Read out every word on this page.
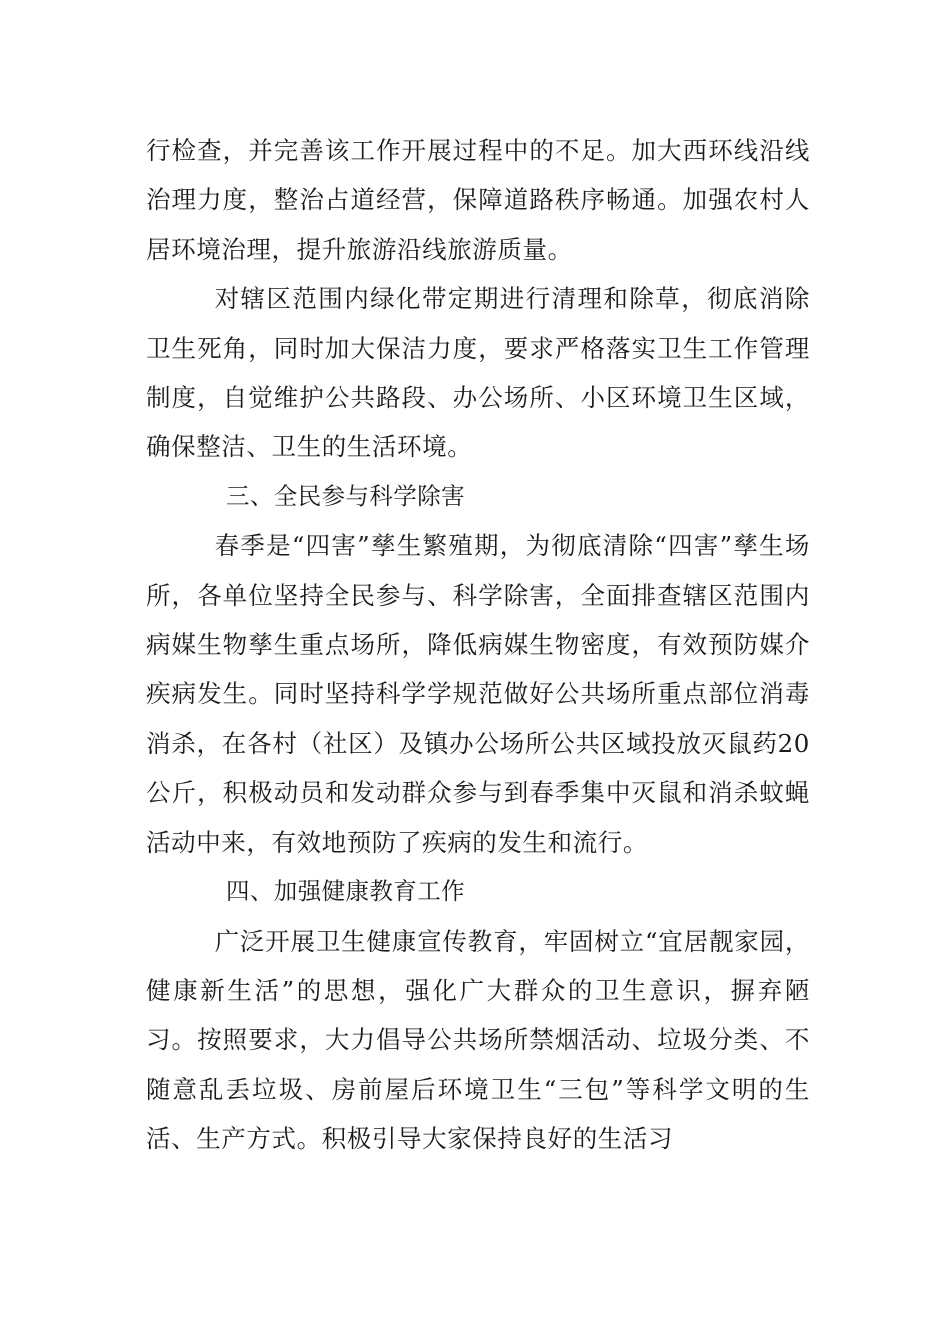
行检查，并完善该工作开展过程中的不足。加大西环线沿线治理力度，整治占道经营，保障道路秩序畅通。加强农村人居环境治理，提升旅游沿线旅游质量。

对辖区范围内绿化带定期进行清理和除草，彻底消除卫生死角，同时加大保洁力度，要求严格落实卫生工作管理制度，自觉维护公共路段、办公场所、小区环境卫生区域，确保整洁、卫生的生活环境。

三、全民参与科学除害

春季是“四害”孳生繁殖期，为彻底清除“四害”孳生场所，各单位坚持全民参与、科学除害，全面排查辖区范围内病媒生物孳生重点场所，降低病媒生物密度，有效预防媒介疾病发生。同时坚持科学学规范做好公共场所重点部位消毒消杀，在各村（社区）及镇办公场所公共区域投放灭鼠药20公斤，积极动员和发动群众参与到春季集中灭鼠和消杀蚊蝇活动中来，有效地预防了疾病的发生和流行。

四、加强健康教育工作

广泛开展卫生健康宣传教育，牢固树立“宜居靓家园，健康新生活”的思想，强化广大群众的卫生意识，摒弃陋习。按照要求，大力倡导公共场所禁烟活动、垃圾分类、不随意乱丢垃圾、房前屋后环境卫生“三包”等科学文明的生活、生产方式。积极引导大家保持良好的生活习
